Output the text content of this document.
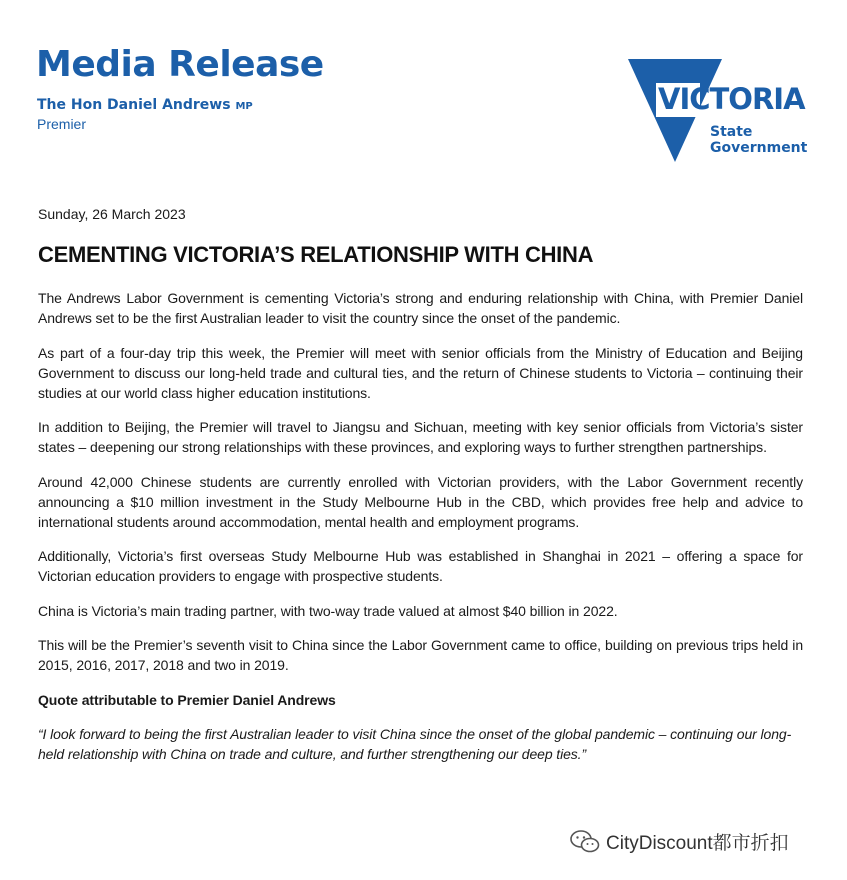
Media Release
The Hon Daniel Andrews MP
Premier
VICTORIA
State
Government
Sunday, 26 March 2023
CEMENTING VICTORIA’S RELATIONSHIP WITH CHINA

The Andrews Labor Government is cementing Victoria’s strong and enduring relationship with China, with Premier Daniel Andrews set to be the first Australian leader to visit the country since the onset of the pandemic.

As part of a four-day trip this week, the Premier will meet with senior officials from the Ministry of Education and Beijing Government to discuss our long-held trade and cultural ties, and the return of Chinese students to Victoria – continuing their studies at our world class higher education institutions.

In addition to Beijing, the Premier will travel to Jiangsu and Sichuan, meeting with key senior officials from Victoria’s sister states – deepening our strong relationships with these provinces, and exploring ways to further strengthen partnerships.

Around 42,000 Chinese students are currently enrolled with Victorian providers, with the Labor Government recently announcing a $10 million investment in the Study Melbourne Hub in the CBD, which provides free help and advice to international students around accommodation, mental health and employment programs.

Additionally, Victoria’s first overseas Study Melbourne Hub was established in Shanghai in 2021 – offering a space for Victorian education providers to engage with prospective students.

China is Victoria’s main trading partner, with two-way trade valued at almost $40 billion in 2022.

This will be the Premier’s seventh visit to China since the Labor Government came to office, building on previous trips held in 2015, 2016, 2017, 2018 and two in 2019.

Quote attributable to Premier Daniel Andrews

“I look forward to being the first Australian leader to visit China since the onset of the global pandemic – continuing our long-held relationship with China on trade and culture, and further strengthening our deep ties.”

CityDiscount都市折扣
